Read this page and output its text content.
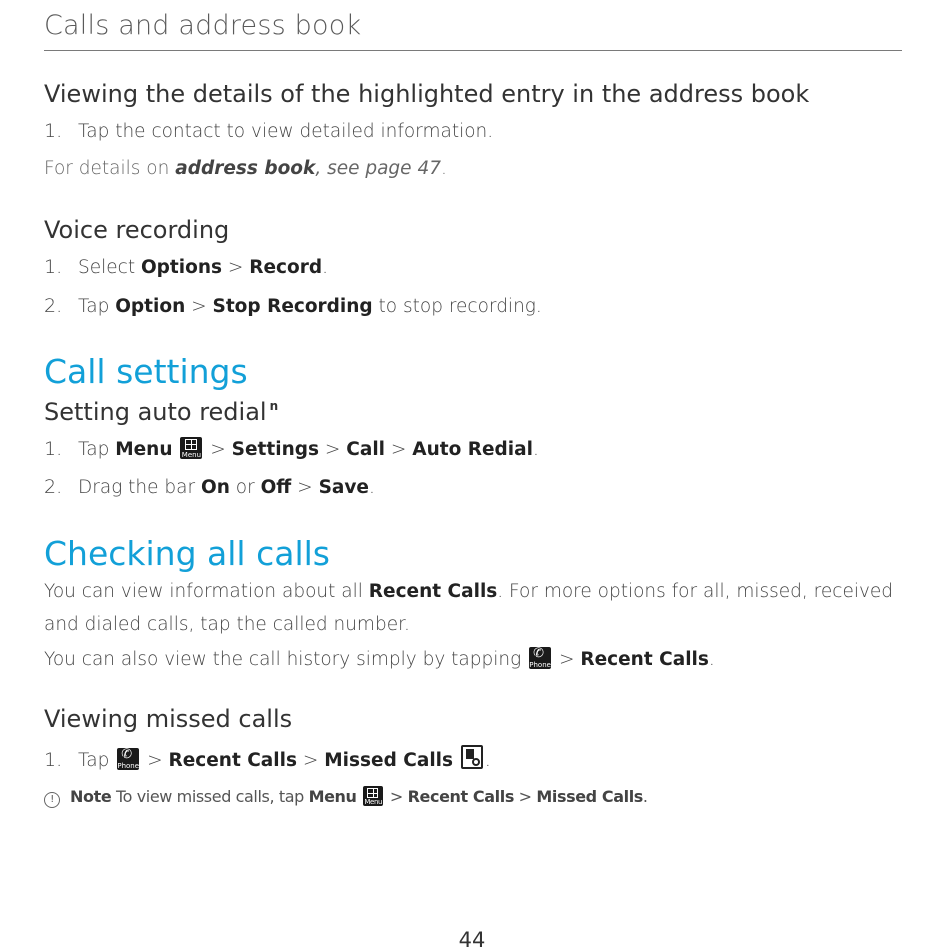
Calls and address book
Viewing the details of the highlighted entry in the address book
1. Tap the contact to view detailed information.
For details on address book, see page 47.
Voice recording
1. Select Options > Record.
2. Tap Option > Stop Recording to stop recording.
Call settings
Setting auto redial $^n$
1. Tap Menu Menu > Settings > Call > Auto Redial.
2. Drag the bar On or Off > Save.
Checking all calls
You can view information about all Recent Calls. For more options for all, missed, received
and dialed calls, tap the called number.
You can also view the call history simply by tapping ✆
Phone > Recent Calls.
Viewing missed calls
1. Tap ✆
Phone > Recent Calls > Missed Calls .
! Note To view missed calls, tap Menu Menu > Recent Calls > Missed Calls.
44
